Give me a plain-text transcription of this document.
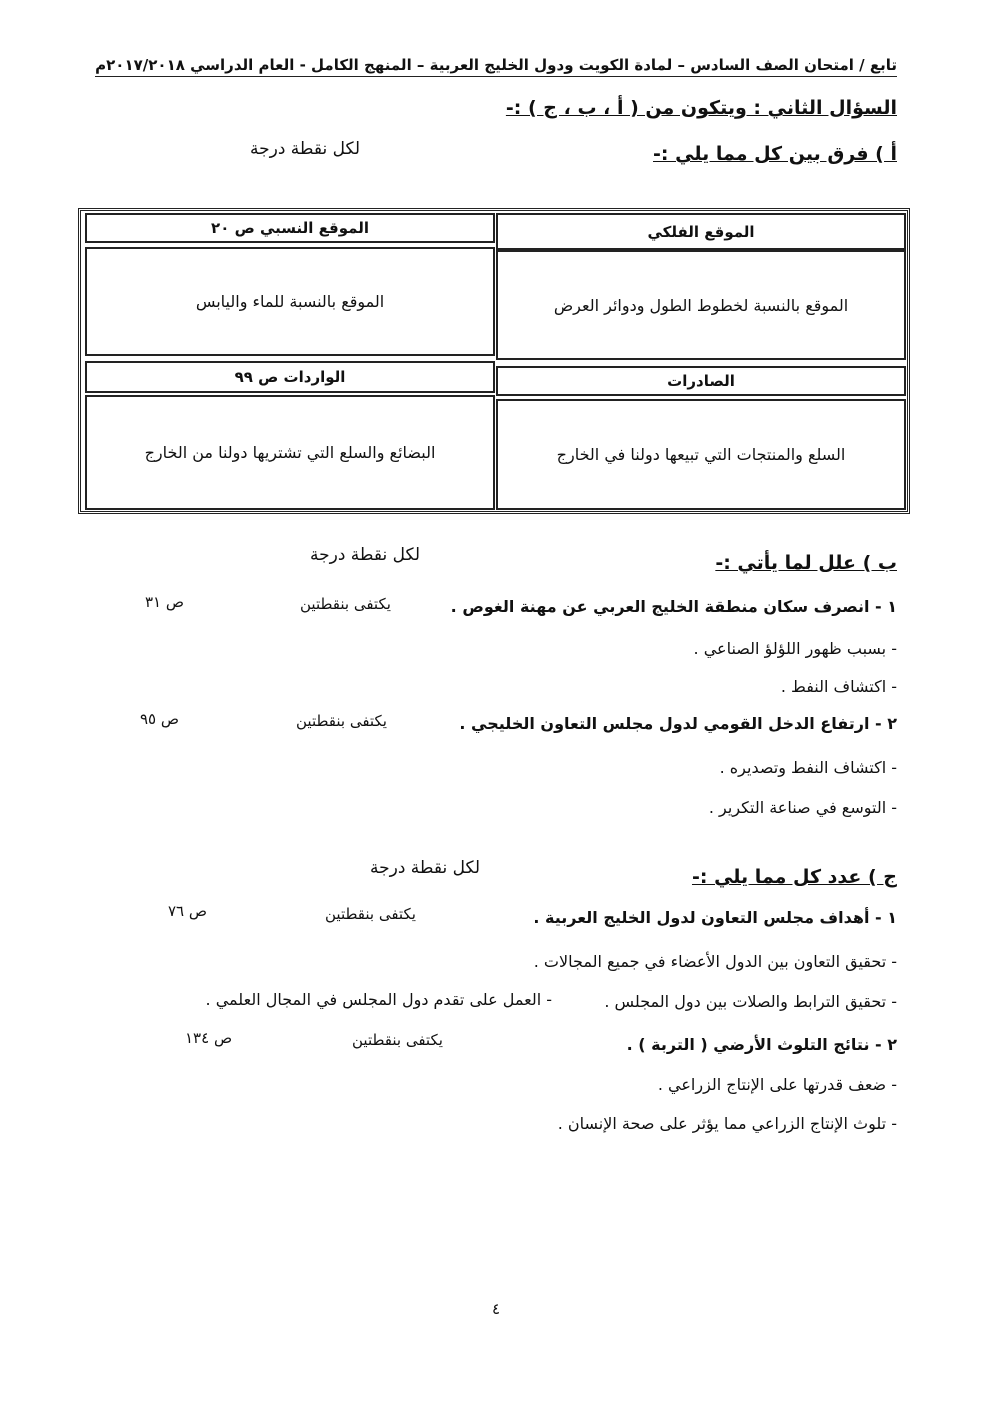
تابع / امتحان الصف السادس – لمادة الكويت ودول الخليج العربية – المنهج الكامل - العام الدراسي ٢٠١٧/٢٠١٨م
السؤال الثاني : ويتكون من ( أ ، ب ، ج ) :-
أ ) فرق بين كل مما يلي :-
لكل نقطة درجة
الموقع الفلكي
الموقع النسبي ص ٢٠
الموقع بالنسبة لخطوط الطول ودوائر العرض
الموقع بالنسبة للماء واليابس
الصادرات
الواردات ص ٩٩
السلع والمنتجات التي تبيعها دولنا في الخارج
البضائع والسلع التي تشتريها دولنا من الخارج
ب ) علل لما يأتي :-
لكل نقطة درجة
١ - انصرف سكان منطقة الخليج العربي عن مهنة الغوص .
يكتفى بنقطتين
ص ٣١
- بسبب ظهور اللؤلؤ الصناعي .
- اكتشاف النفط .
٢ - ارتفاع الدخل القومي لدول مجلس التعاون الخليجي .
يكتفى بنقطتين
ص ٩٥
- اكتشاف النفط وتصديره .
- التوسع في صناعة التكرير .
ج ) عدد كل مما يلي :-
لكل نقطة درجة
١ - أهداف مجلس التعاون لدول الخليج العربية .
يكتفى بنقطتين
ص ٧٦
- تحقيق التعاون بين الدول الأعضاء في جميع المجالات .
- تحقيق الترابط والصلات بين دول المجلس .
- العمل على تقدم دول المجلس في المجال العلمي .
٢ - نتائج التلوث الأرضي ( التربة ) .
يكتفى بنقطتين
ص ١٣٤
- ضعف قدرتها على الإنتاج الزراعي .
- تلوث الإنتاج الزراعي مما يؤثر على صحة الإنسان .
٤
